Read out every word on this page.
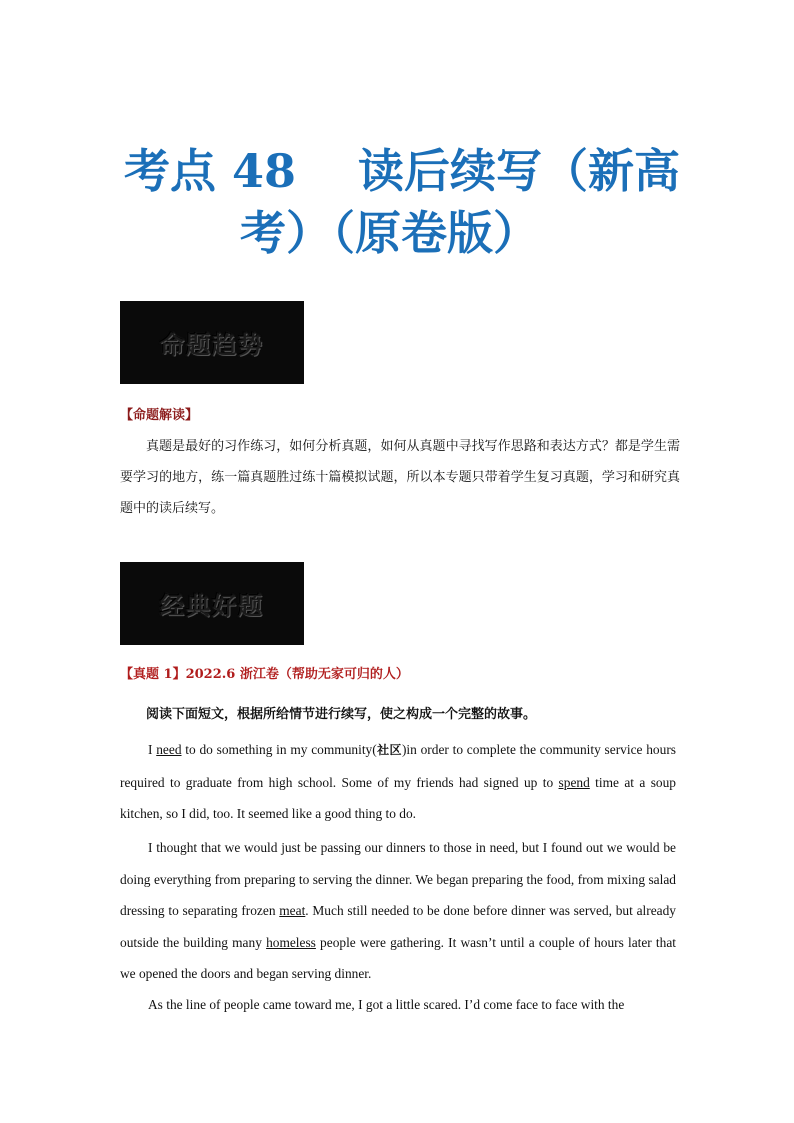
考点 48　 读后续写（新高
考）（原卷版）
命题趋势
【命题解读】
真题是最好的习作练习，如何分析真题，如何从真题中寻找写作思路和表达方式？都是学生需要学习的地方，练一篇真题胜过练十篇模拟试题，所以本专题只带着学生复习真题，学习和研究真题中的读后续写。
经典好题
【真题 1】2022.6 浙江卷（帮助无家可归的人）
阅读下面短文，根据所给情节进行续写，使之构成一个完整的故事。

I need to do something in my community(社区)in order to complete the community service hours required to graduate from high school. Some of my friends had signed up to spend time at a soup kitchen, so I did, too. It seemed like a good thing to do.

I thought that we would just be passing our dinners to those in need, but I found out we would be doing everything from preparing to serving the dinner. We began preparing the food, from mixing salad dressing to separating frozen meat. Much still needed to be done before dinner was served, but already outside the building many homeless people were gathering. It wasn’t until a couple of hours later that we opened the doors and began serving dinner.

As the line of people came toward me, I got a little scared. I’d come face to face with the
